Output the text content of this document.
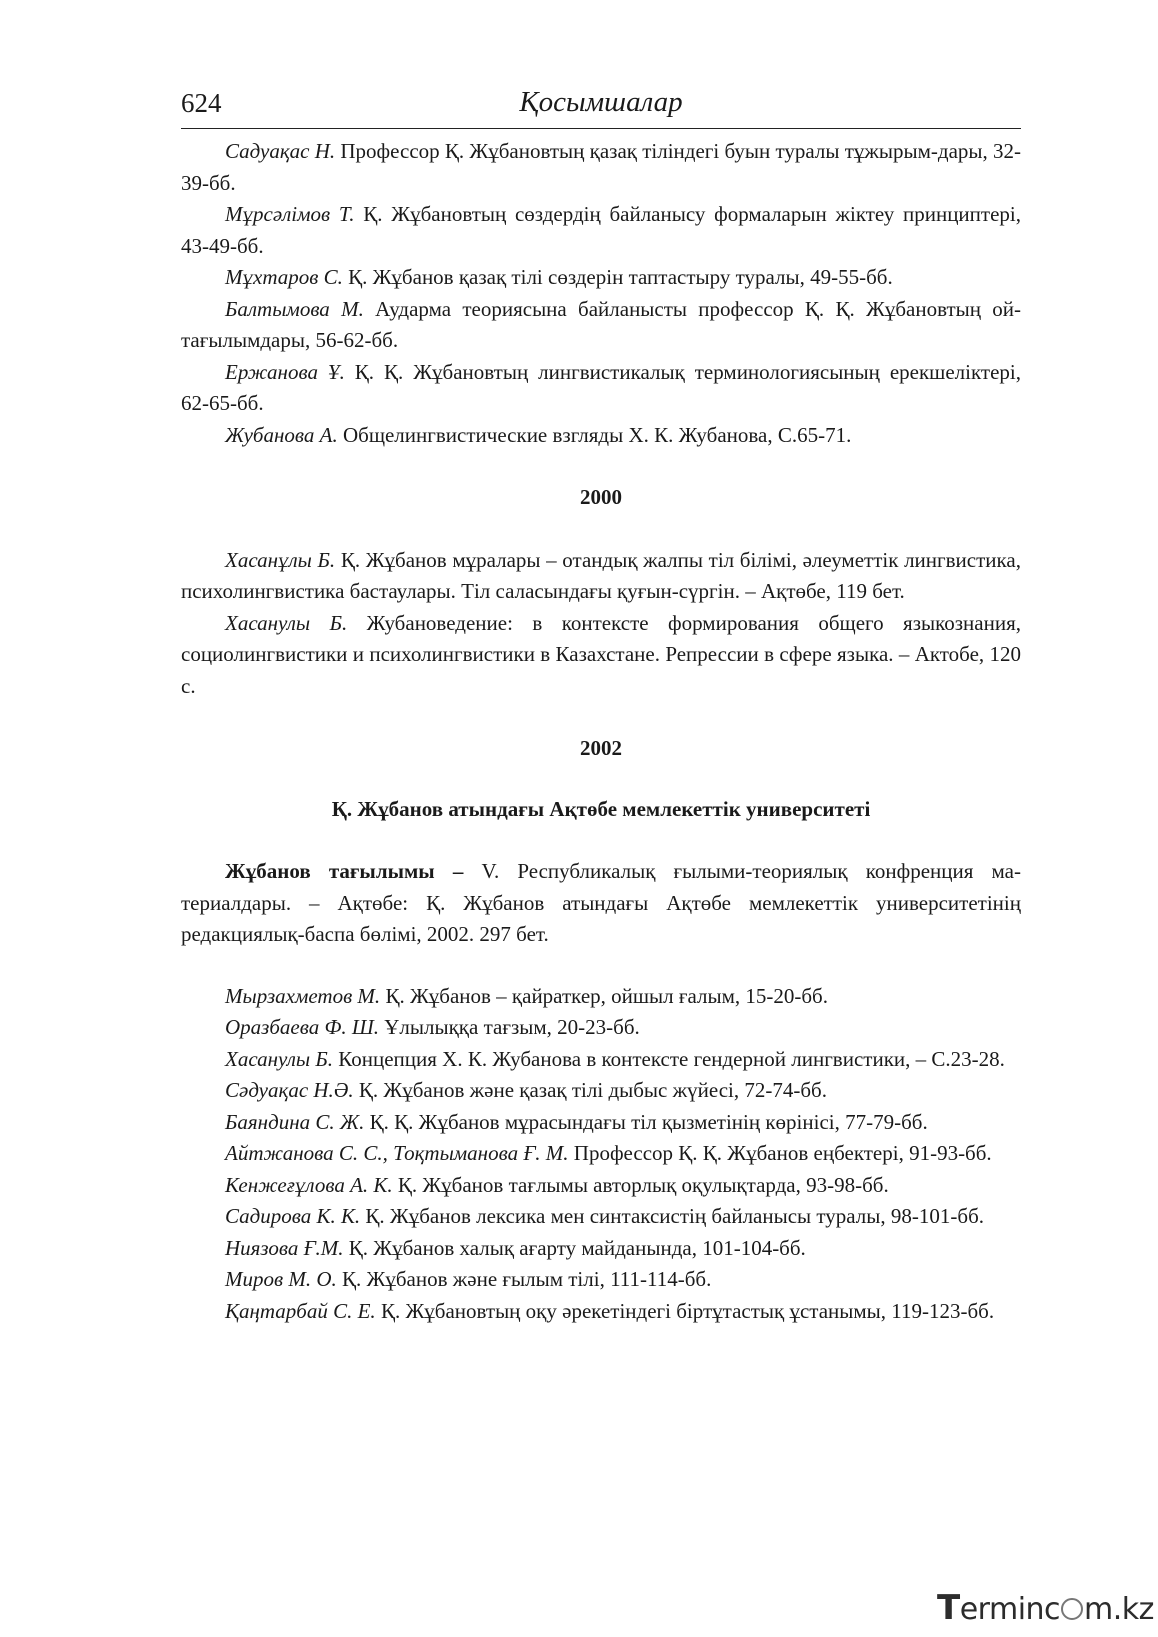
624	Қосымшалар

Садуақас Н. Профессор Қ. Жұбановтың қазақ тіліндегі буын туралы тұжырым-дары, 32-39-бб.

Мұрсәлімов Т. Қ. Жұбановтың сөздердің байланысу формаларын жіктеу принциптері, 43-49-бб.

Мұхтаров С. Қ. Жұбанов қазақ тілі сөздерін таптастыру туралы, 49-55-бб.

Балтымова М. Аударма теориясына байланысты профессор Қ. Қ. Жұбановтың ой-тағылымдары, 56-62-бб.

Ержанова Ұ. Қ. Қ. Жұбановтың лингвистикалық терминологиясының ерекшеліктері, 62-65-бб.

Жубанова А. Общелингвистические взгляды Х. К. Жубанова, С.65-71.

2000

Хасанұлы Б. Қ. Жұбанов мұралары – отандық жалпы тіл білімі, әлеуметтік лингвистика, психолингвистика бастаулары. Тіл саласындағы қуғын-сүргін. – Ақтөбе, 119 бет.

Хасанулы Б. Жубановедение: в контексте формирования общего языкознания, социолингвистики и психолингвистики в Казахстане. Репрессии в сфере языка. – Актобе, 120 с.

2002

Қ. Жұбанов атындағы Ақтөбе мемлекеттік университеті

Жұбанов тағылымы – V. Республикалық ғылыми-теориялық конфренция ма-териалдары. – Ақтөбе: Қ. Жұбанов атындағы Ақтөбе мемлекеттік университетінің редакциялық-баспа бөлімі, 2002. 297 бет.

Мырзахметов М. Қ. Жұбанов – қайраткер, ойшыл ғалым, 15-20-бб.

Оразбаева Ф. Ш. Ұлылыққа тағзым, 20-23-бб.

Хасанулы Б. Концепция Х. К. Жубанова в контексте гендерной лингвистики, – С.23-28.

Сәдуақас Н.Ә. Қ. Жұбанов және қазақ тілі дыбыс жүйесі, 72-74-бб.

Баяндина С. Ж. Қ. Қ. Жұбанов мұрасындағы тіл қызметінің көрінісі, 77-79-бб.

Айтжанова С. С., Тоқтыманова Ғ. М. Профессор Қ. Қ. Жұбанов еңбектері, 91-93-бб.

Кенжеғұлова А. К. Қ. Жұбанов тағлымы авторлық оқулықтарда, 93-98-бб.

Садирова К. К. Қ. Жұбанов лексика мен синтаксистің байланысы туралы, 98-101-бб.

Ниязова Ғ.М. Қ. Жұбанов халық ағарту майданында, 101-104-бб.

Миров М. О. Қ. Жұбанов және ғылым тілі, 111-114-бб.

Қаңтарбай С. Е. Қ. Жұбановтың оқу әрекетіндегі біртұтастық ұстанымы, 119-123-бб.

Terminc m.kz
